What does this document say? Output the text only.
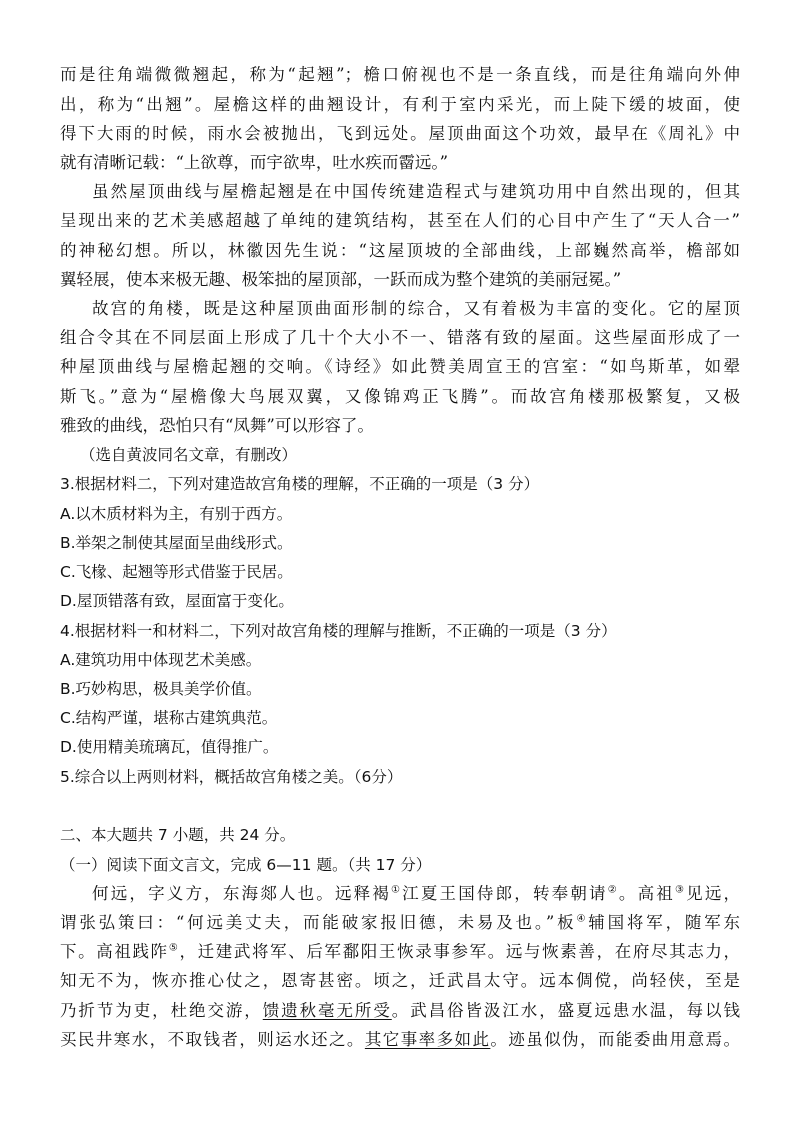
而是往角端微微翘起，称为“起翘”；檐口俯视也不是一条直线，而是往角端向外伸
出，称为“出翘”。屋檐这样的曲翘设计，有利于室内采光，而上陡下缓的坡面，使
得下大雨的时候，雨水会被抛出，飞到远处。屋顶曲面这个功效，最早在《周礼》中
就有清晰记载：“上欲尊，而宇欲卑，吐水疾而霤远。”
虽然屋顶曲线与屋檐起翘是在中国传统建造程式与建筑功用中自然出现的，但其
呈现出来的艺术美感超越了单纯的建筑结构，甚至在人们的心目中产生了“天人合一”
的神秘幻想。所以，林徽因先生说：“这屋顶坡的全部曲线，上部巍然高举，檐部如
翼轻展，使本来极无趣、极笨拙的屋顶部，一跃而成为整个建筑的美丽冠冕。”
故宫的角楼，既是这种屋顶曲面形制的综合，又有着极为丰富的变化。它的屋顶
组合令其在不同层面上形成了几十个大小不一、错落有致的屋面。这些屋面形成了一
种屋顶曲线与屋檐起翘的交响。《诗经》如此赞美周宣王的宫室：“如鸟斯革，如翚
斯飞。”意为“屋檐像大鸟展双翼，又像锦鸡正飞腾”。而故宫角楼那极繁复，又极
雅致的曲线，恐怕只有“凤舞”可以形容了。
（选自黄波同名文章，有删改）
3.根据材料二，下列对建造故宫角楼的理解，不正确的一项是（3 分）
A.以木质材料为主，有别于西方。
B.举架之制使其屋面呈曲线形式。
C.飞椽、起翘等形式借鉴于民居。
D.屋顶错落有致，屋面富于变化。
4.根据材料一和材料二，下列对故宫角楼的理解与推断，不正确的一项是（3 分）
A.建筑功用中体现艺术美感。
B.巧妙构思，极具美学价值。
C.结构严谨，堪称古建筑典范。
D.使用精美琉璃瓦，值得推广。
5.综合以上两则材料，概括故宫角楼之美。（6分）
二、本大题共 7 小题，共 24 分。
（一）阅读下面文言文，完成 6—11 题。（共 17 分）
何远，字义方，东海郯人也。远释褐①江夏王国侍郎，转奉朝请②。高祖③见远，
谓张弘策曰：“何远美丈夫，而能破家报旧德，未易及也。”板④辅国将军，随军东
下。高祖践阼⑤，迁建武将军、后军鄱阳王恢录事参军。远与恢素善，在府尽其志力，
知无不为，恢亦推心仗之，恩寄甚密。顷之，迁武昌太守。远本倜傥，尚轻侠，至是
乃折节为吏，杜绝交游，馈遗秋毫无所受。武昌俗皆汲江水，盛夏远患水温，每以钱
买民井寒水，不取钱者，则运水还之。其它事率多如此。迹虽似伪，而能委曲用意焉。
